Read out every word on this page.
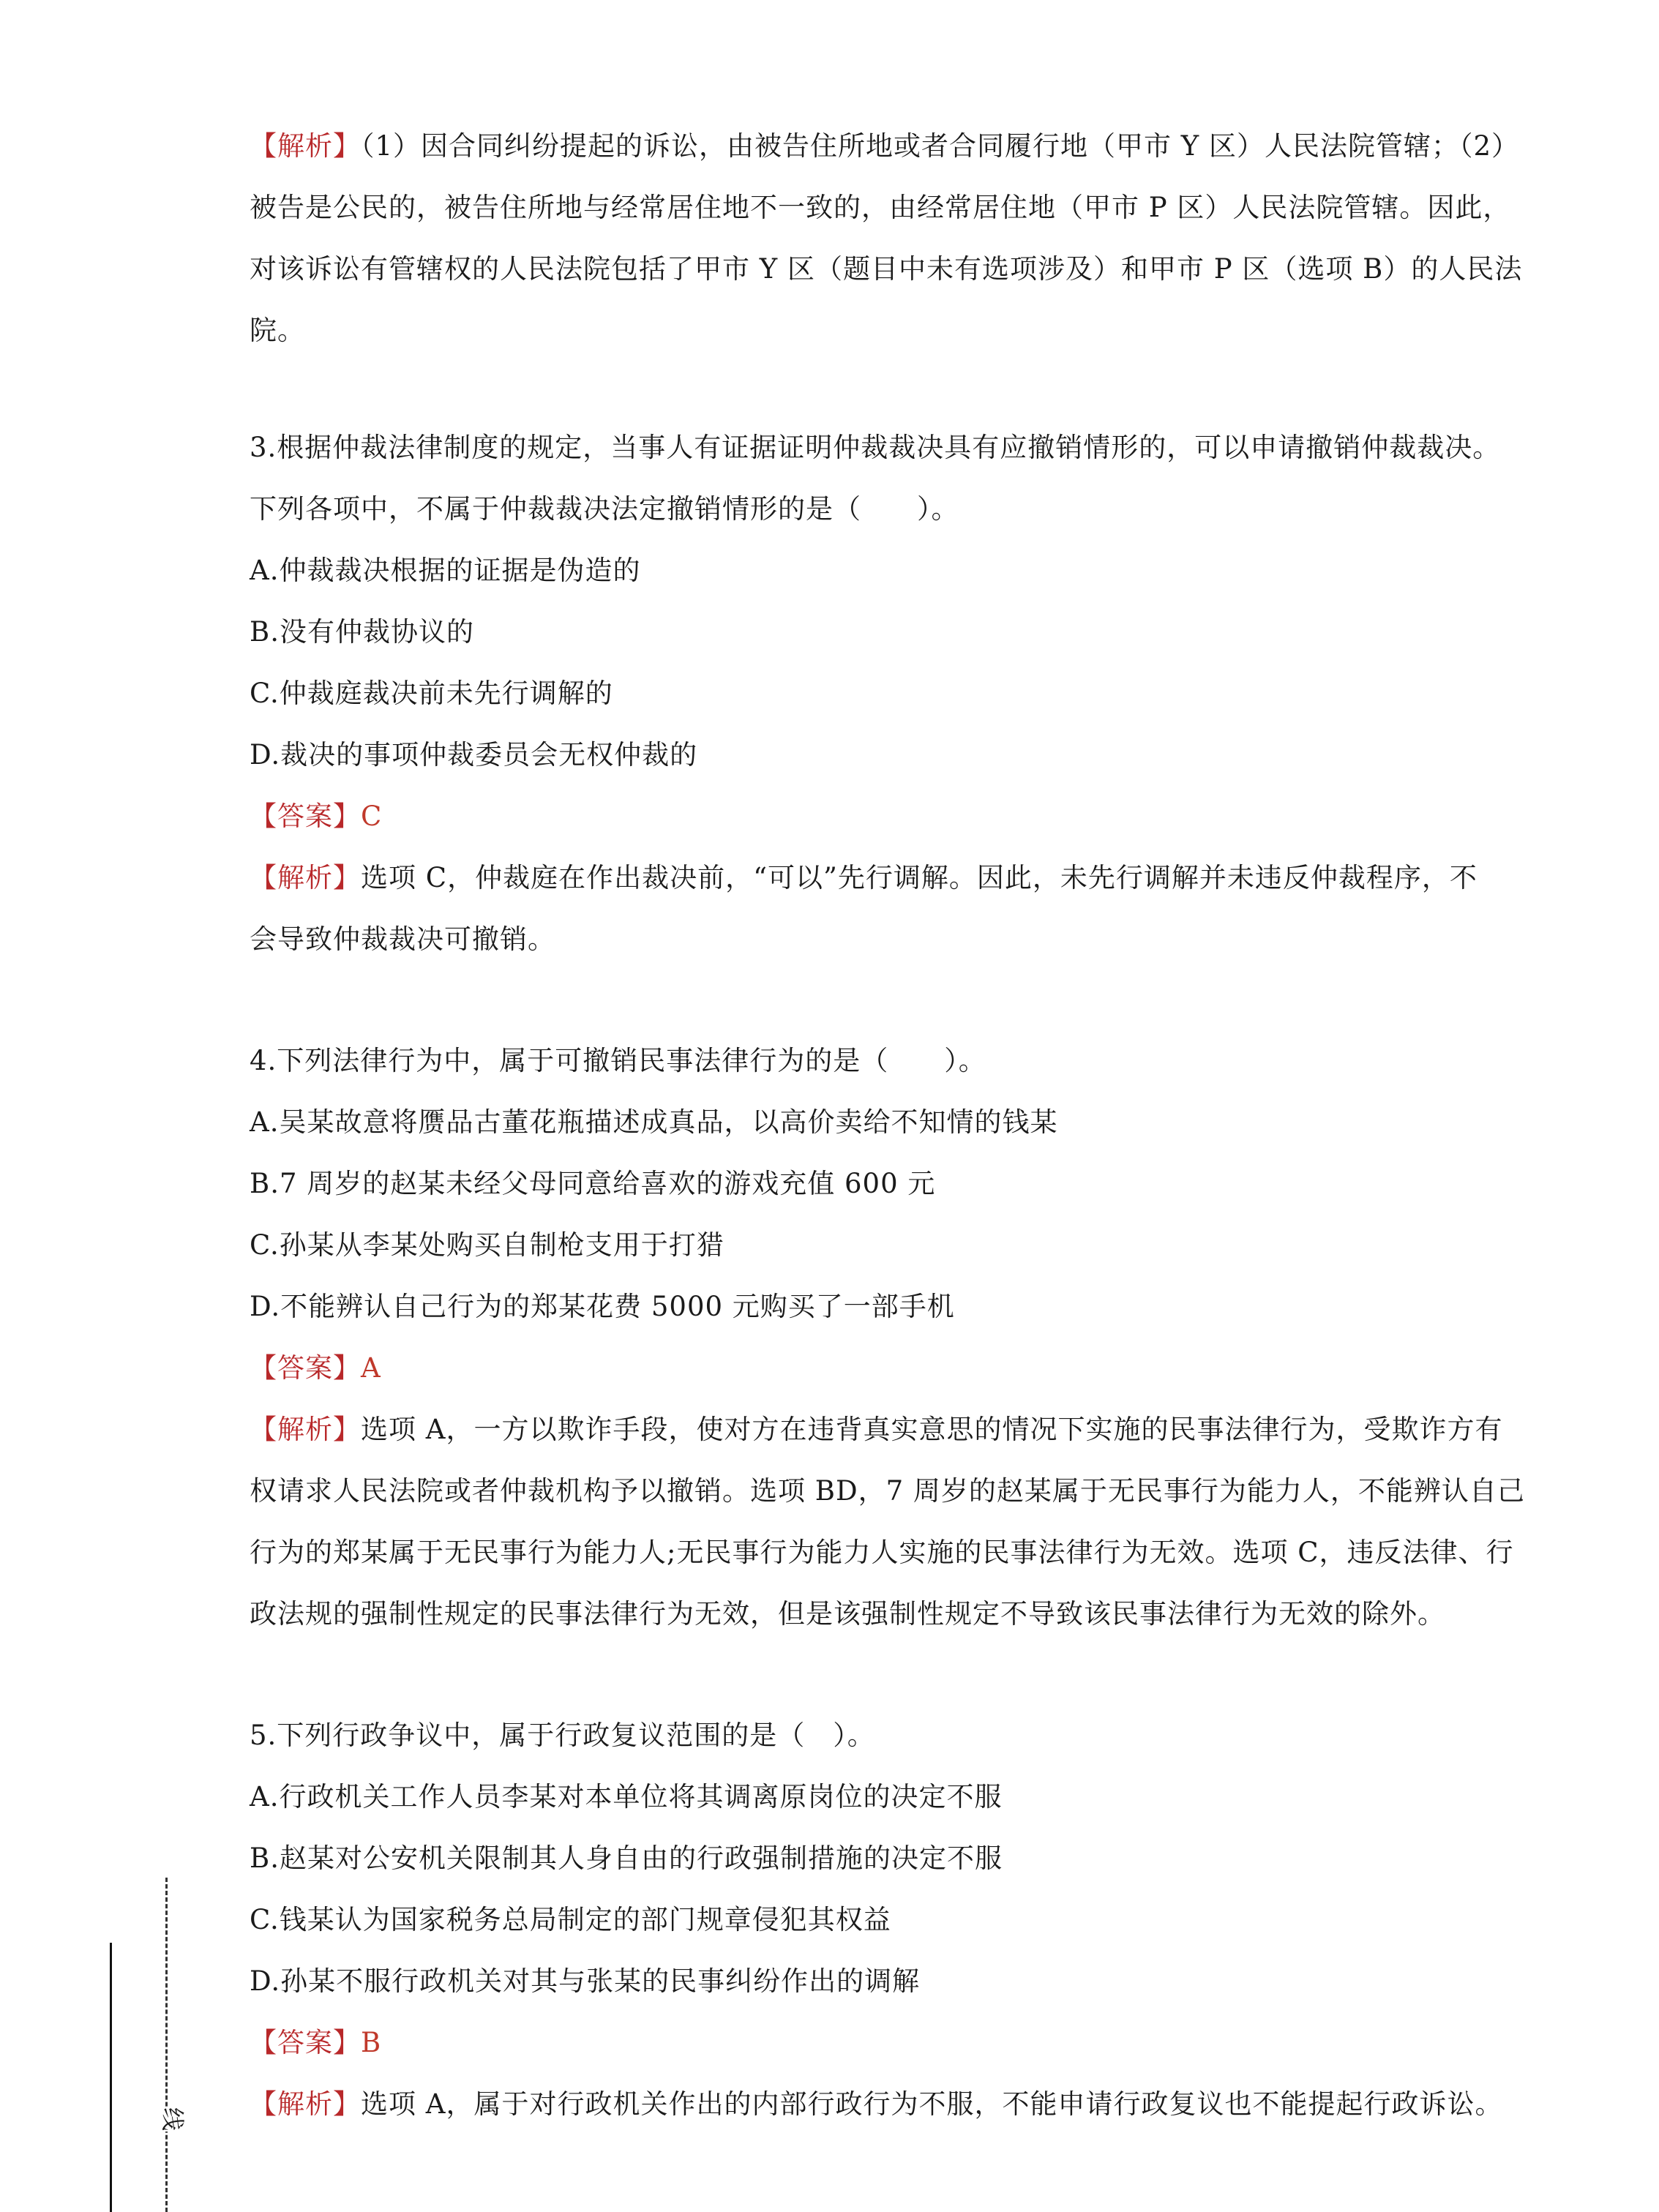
【解析】（1）因合同纠纷提起的诉讼，由被告住所地或者合同履行地（甲市 Y 区）人民法院管辖；（2）
被告是公民的，被告住所地与经常居住地不一致的，由经常居住地（甲市 P 区）人民法院管辖。因此，
对该诉讼有管辖权的人民法院包括了甲市 Y 区（题目中未有选项涉及）和甲市 P 区（选项 B）的人民法
院。
3.根据仲裁法律制度的规定，当事人有证据证明仲裁裁决具有应撤销情形的，可以申请撤销仲裁裁决。
下列各项中，不属于仲裁裁决法定撤销情形的是（　　）。
A.仲裁裁决根据的证据是伪造的
B.没有仲裁协议的
C.仲裁庭裁决前未先行调解的
D.裁决的事项仲裁委员会无权仲裁的
【答案】C
【解析】选项 C，仲裁庭在作出裁决前，“可以”先行调解。因此，未先行调解并未违反仲裁程序，不
会导致仲裁裁决可撤销。
4.下列法律行为中，属于可撤销民事法律行为的是（　　）。
A.吴某故意将赝品古董花瓶描述成真品，以高价卖给不知情的钱某
B.7 周岁的赵某未经父母同意给喜欢的游戏充值 600 元
C.孙某从李某处购买自制枪支用于打猎
D.不能辨认自己行为的郑某花费 5000 元购买了一部手机
【答案】A
【解析】选项 A，一方以欺诈手段，使对方在违背真实意思的情况下实施的民事法律行为，受欺诈方有
权请求人民法院或者仲裁机构予以撤销。选项 BD，7 周岁的赵某属于无民事行为能力人，不能辨认自己
行为的郑某属于无民事行为能力人;无民事行为能力人实施的民事法律行为无效。选项 C，违反法律、行
政法规的强制性规定的民事法律行为无效，但是该强制性规定不导致该民事法律行为无效的除外。
5.下列行政争议中，属于行政复议范围的是（　）。
A.行政机关工作人员李某对本单位将其调离原岗位的决定不服
B.赵某对公安机关限制其人身自由的行政强制措施的决定不服
C.钱某认为国家税务总局制定的部门规章侵犯其权益
D.孙某不服行政机关对其与张某的民事纠纷作出的调解
【答案】B
【解析】选项 A，属于对行政机关作出的内部行政行为不服，不能申请行政复议也不能提起行政诉讼。
线
